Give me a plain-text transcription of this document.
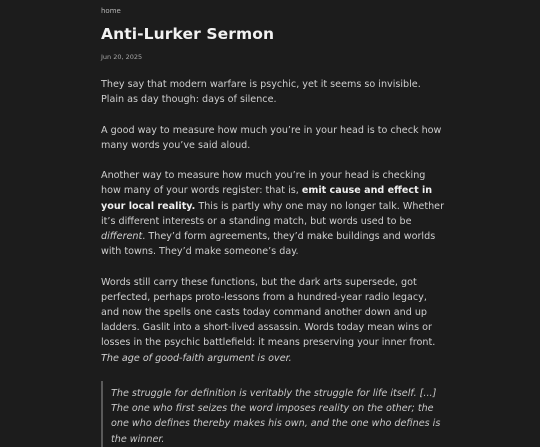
home
Anti-Lurker Sermon
Jun 20, 2025

They say that modern warfare is psychic, yet it seems so invisible. Plain as day though: days of silence.

A good way to measure how much you’re in your head is to check how many words you’ve said aloud.

Another way to measure how much you’re in your head is checking how many of your words register: that is, emit cause and effect in your local reality. This is partly why one may no longer talk. Whether it’s different interests or a standing match, but words used to be different. They’d form agreements, they’d make buildings and worlds with towns. They’d make someone’s day.

Words still carry these functions, but the dark arts supersede, got perfected, perhaps proto-lessons from a hundred-year radio legacy, and now the spells one casts today command another down and up ladders. Gaslit into a short-lived assassin. Words today mean wins or losses in the psychic battlefield: it means preserving your inner front. The age of good-faith argument is over.

The struggle for definition is veritably the struggle for life itself. [...] The one who first seizes the word imposes reality on the other; the one who defines thereby makes his own, and the one who defines is the winner.
